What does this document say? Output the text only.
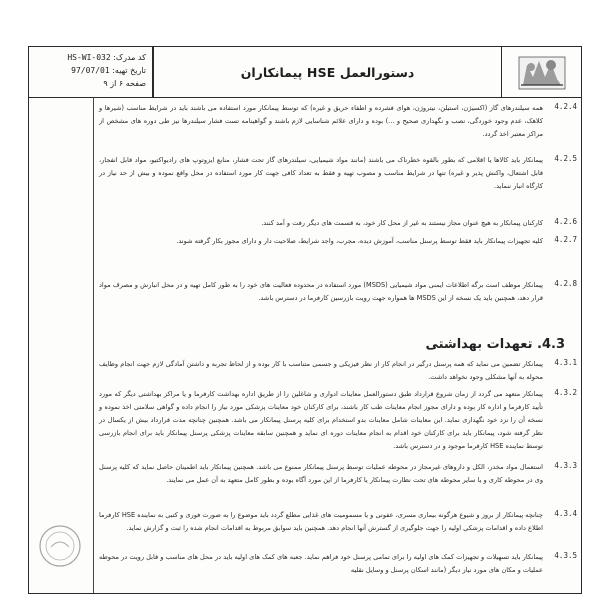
کد مدرک: HS-WI-032
تاریخ تهیه: 97/07/01
صفحه ۶ از ۹
دستورالعمل HSE پیمانکاران
همه سیلندرهای گاز (اکسیژن، استیلن، نیتروژن، هوای فشرده و اطفاء حریق و غیره) که توسط پیمانکار مورد استفاده می باشند باید در شرایط مناسب (شیرها و کلاهک، عدم وجود خوردگی، نصب و نگهداری صحیح و ...) بوده و دارای علائم شناسایی لازم باشند و گواهینامه تست فشار سیلندرها نیز طی دوره های مشخص از مراکز معتبر اخذ گردد.
4.2.4
پیمانکار باید کالاها یا اقلامی که بطور بالقوه خطرناک می باشند (مانند مواد شیمیایی، سیلندرهای گاز تحت فشار، منابع ایزوتوپ های رادیواکتیو، مواد قابل انفجار، قابل اشتعال، واکنش پذیر و غیره) تنها در شرایط مناسب و مصوب تهیه و فقط به تعداد کافی جهت کار مورد استفاده در محل واقع نموده و بیش از حد نیاز در کارگاه انبار ننماید.
4.2.5
کارکنان پیمانکار به هیچ عنوان مجاز نیستند به غیر از محل کار خود، به قسمت های دیگر رفت و آمد کنند.	4.2.6
کلیه تجهیزات پیمانکار باید فقط توسط پرسنل مناسب، آموزش دیده، مجرب، واجد شرایط، صلاحیت دار و دارای مجوز بکار گرفته شوند.	4.2.7
پیمانکار موظف است برگه اطلاعات ایمنی مواد شیمیایی (MSDS) مورد استفاده در محدوده فعالیت های خود را به طور کامل تهیه و در محل انبارش و مصرف مواد قرار دهد، همچنین باید یک نسخه از این MSDS ها همواره جهت رویت بازرسین کارفرما در دسترس باشد.
4.2.8
4.3. تعهدات بهداشتی
پیمانکار تضمین می نماید که همه پرسنل درگیر در انجام کار از نظر فیزیکی و جسمی متناسب با کار بوده و از لحاظ تجربه و داشتن آمادگی لازم جهت انجام وظایف محوله به آنها مشکلی وجود نخواهد داشت.
4.3.1
پیمانکار متعهد می گردد از زمان شروع قرارداد طبق دستورالعمل معاینات ادواری و شاغلین را از طریق اداره بهداشت کارفرما و یا مراکز بهداشتی دیگر که مورد تأیید کارفرما و اداره کار بوده و دارای مجوز انجام معاینات طب کار باشند، برای کارکنان خود معاینات پزشکی مورد نیاز را انجام داده و گواهی سلامتی اخذ نموده و نسخه آن را نزد خود نگهداری نماید. این معاینات شامل معاینات بدو استخدام برای کلیه پرسنل پیمانکار می باشد. همچنین چنانچه مدت قرارداد بیش از یکسال در نظر گرفته شود، پیمانکار باید برای کارکنان خود اقدام به انجام معاینات دوره ای نماید و همچنین سابقه معاینات پزشکی پرسنل پیمانکار باید برای انجام بازرسی توسط نماینده HSE کارفرما موجود و در دسترس باشد.
4.3.2
استعمال مواد مخدر، الکل و داروهای غیرمجاز در محوطه عملیات توسط پرسنل پیمانکار ممنوع می باشد. همچنین پیمانکار باید اطمینان حاصل نماید که کلیه پرسنل وی در محوطه کاری و یا سایر محوطه های تحت نظارت پیمانکار یا کارفرما از این مورد آگاه بوده و بطور کامل متعهد به آن عمل می نمایند.
4.3.3
چنانچه پیمانکار از بروز و شیوع هرگونه بیماری مسری، عفونی و یا مسمومیت های غذایی مطلع گردد باید موضوع را به صورت فوری و کتبی به نماینده HSE کارفرما اطلاع داده و اقدامات پزشکی اولیه را جهت جلوگیری از گسترش آنها انجام دهد. همچنین باید سوابق مربوط به اقدامات انجام شده را ثبت و گزارش نماید.
4.3.4
پیمانکار باید تسهیلات و تجهیزات کمک های اولیه را برای تمامی پرسنل خود فراهم نماید. جعبه های کمک های اولیه باید در محل های مناسب و قابل رویت در محوطه عملیات و مکان های مورد نیاز دیگر (مانند اسکان پرسنل و وسایل نقلیه
4.3.5
